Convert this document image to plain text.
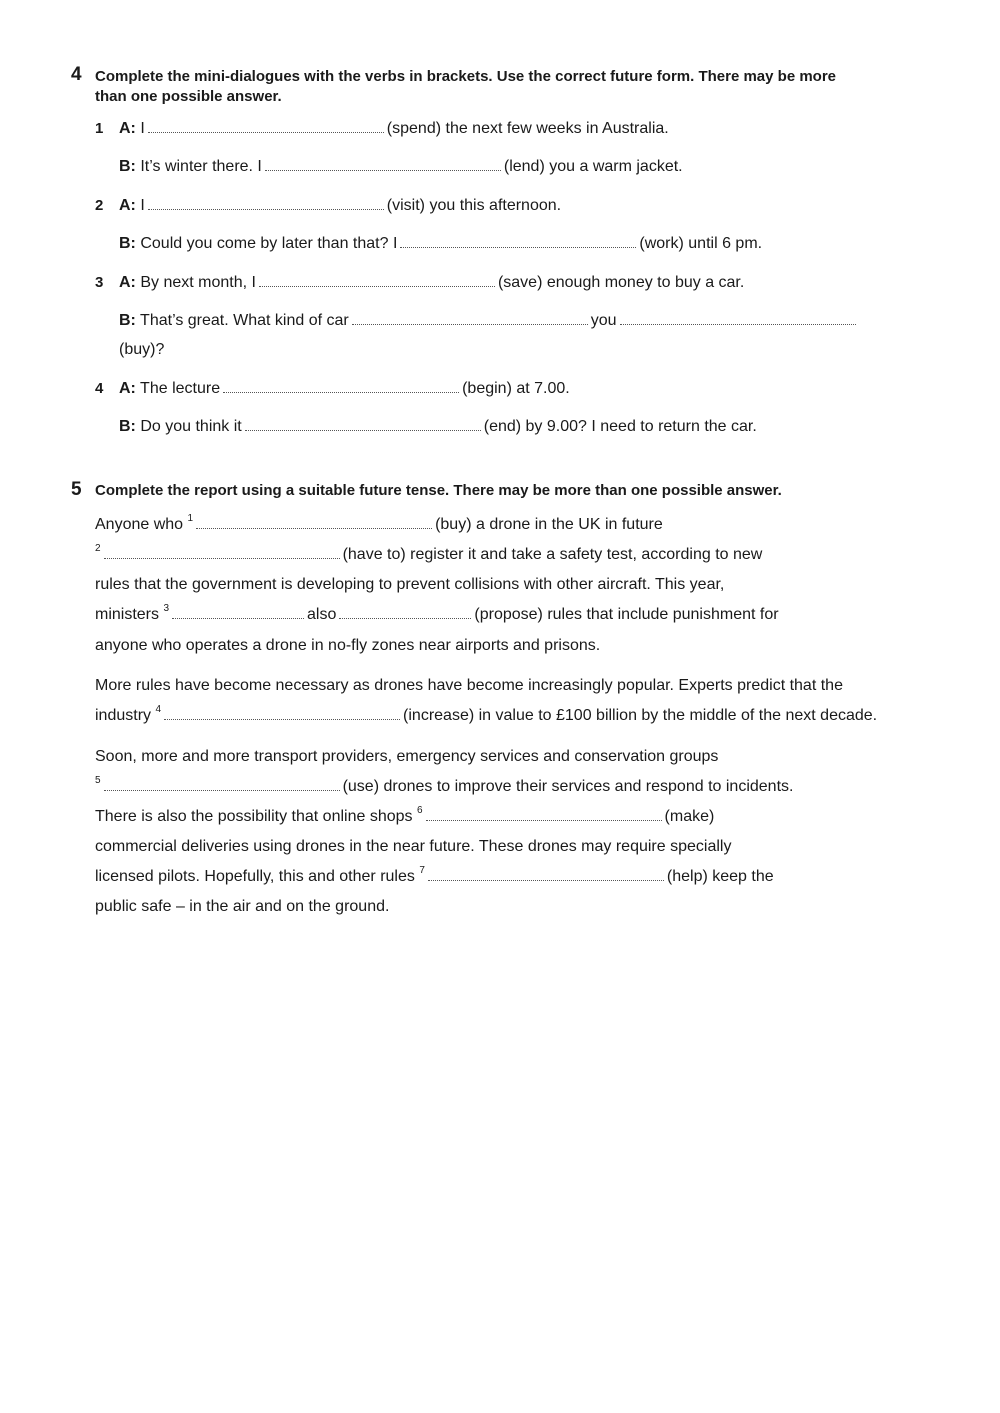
4 Complete the mini-dialogues with the verbs in brackets. Use the correct future form. There may be more
than one possible answer.
1 A: I	(spend) the next few weeks in Australia.
B: It’s winter there. I	(lend) you a warm jacket.
2 A: I	(visit) you this afternoon.
B: Could you come by later than that? I	(work) until 6 pm.
3 A: By next month, I	(save) enough money to buy a car.
B: That’s great. What kind of car	you
(buy)?
4 A: The lecture	(begin) at 7.00.
B: Do you think it	(end) by 9.00? I need to return the car.
5 Complete the report using a suitable future tense. There may be more than one possible answer.
Anyone who $^1$	(buy) a drone in the UK in future
$^2$	(have to) register it and take a safety test, according to new
rules that the government is developing to prevent collisions with other aircraft. This year,
ministers $^3$	also	(propose) rules that include punishment for
anyone who operates a drone in no-fly zones near airports and prisons.
More rules have become necessary as drones have become increasingly popular. Experts predict that the
industry $^4$	(increase) in value to £100 billion by the middle of the next decade.
Soon, more and more transport providers, emergency services and conservation groups
$^5$	(use) drones to improve their services and respond to incidents.
There is also the possibility that online shops $^6$	(make)
commercial deliveries using drones in the near future. These drones may require specially
licensed pilots. Hopefully, this and other rules $^7$	(help) keep the
public safe – in the air and on the ground.
